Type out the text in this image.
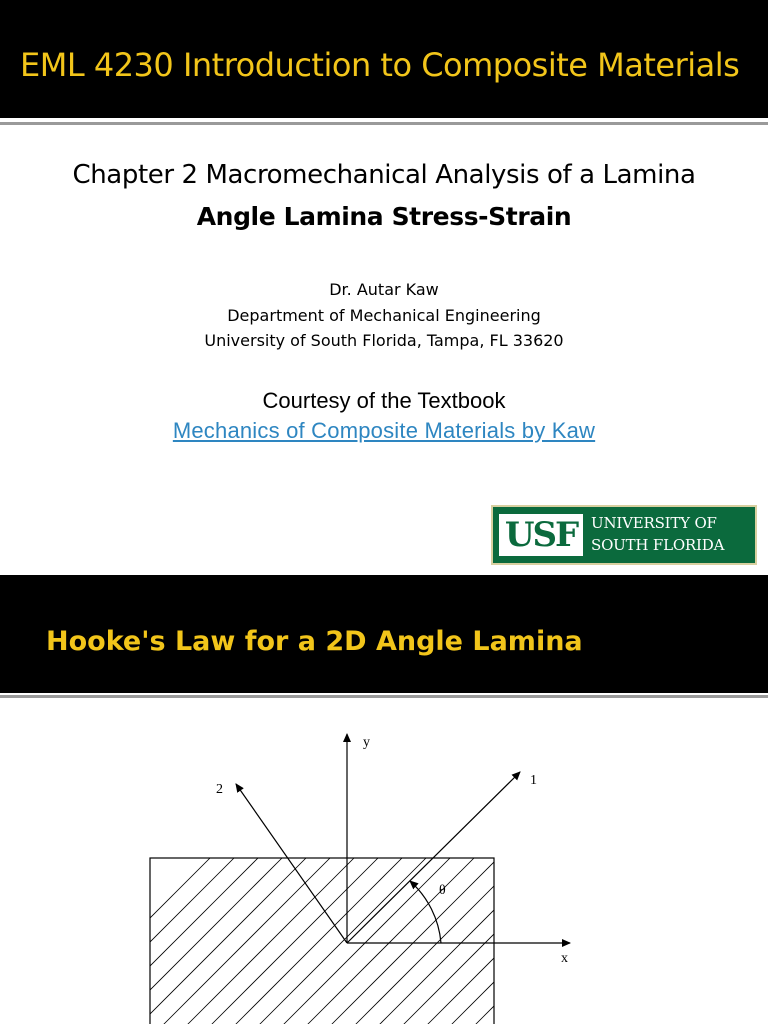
EML 4230 Introduction to Composite Materials
Chapter 2 Macromechanical Analysis of a Lamina
Angle Lamina Stress-Strain
Dr. Autar Kaw
Department of Mechanical Engineering
University of South Florida, Tampa, FL 33620
Courtesy of the Textbook
Mechanics of Composite Materials by Kaw
USF UNIVERSITY OF
SOUTH FLORIDA
Hooke's Law for a 2D Angle Lamina
y
x
1
2
θ
